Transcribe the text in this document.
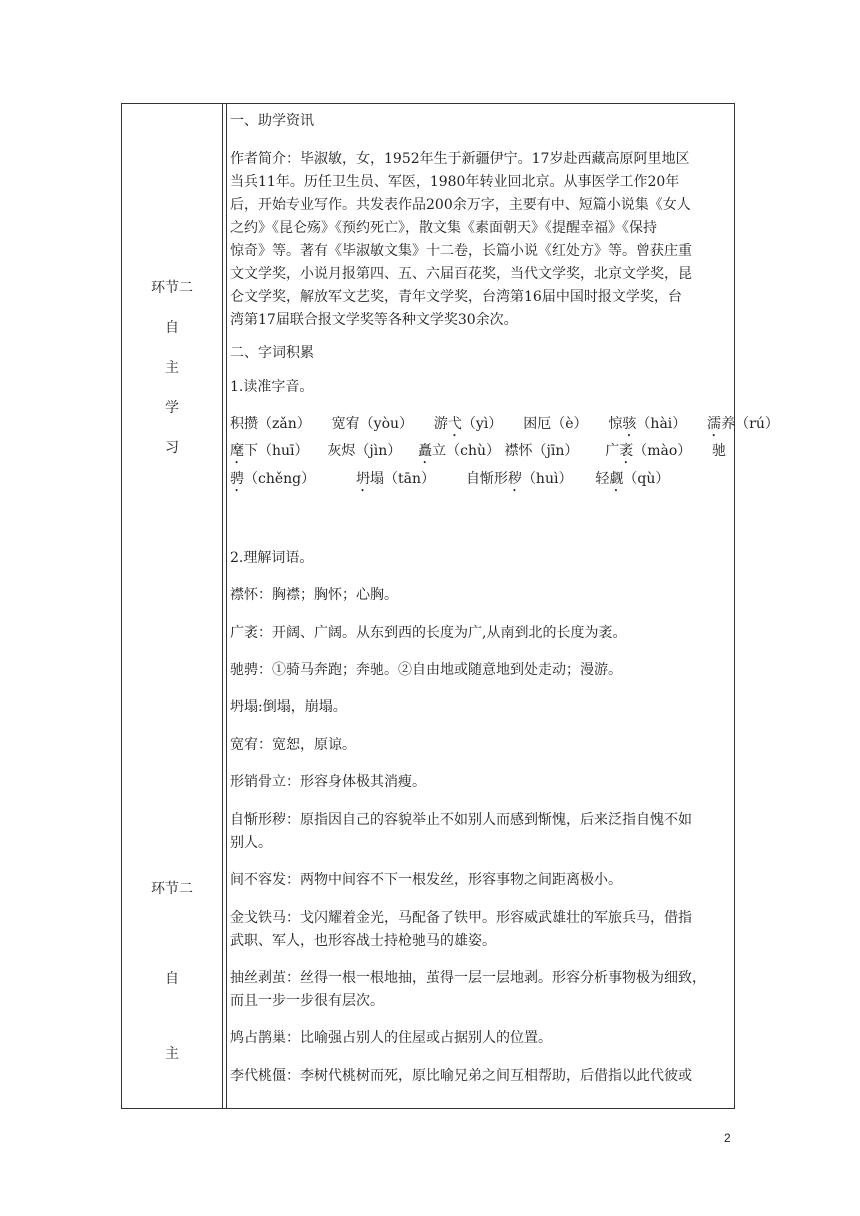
环节二
自
主
学
习
环节二
自
主
一、助学资讯
作者简介：毕淑敏，女，1952年生于新疆伊宁。17岁赴西藏高原阿里地区
当兵11年。历任卫生员、军医，1980年转业回北京。从事医学工作20年
后，开始专业写作。共发表作品200余万字，主要有中、短篇小说集《女人
之约》《昆仑殇》《预约死亡》，散文集《素面朝天》《提醒幸福》《保持
惊奇》等。著有《毕淑敏文集》十二卷，长篇小说《红处方》等。曾获庄重
文文学奖，小说月报第四、五、六届百花奖，当代文学奖，北京文学奖，昆
仑文学奖，解放军文艺奖，青年文学奖，台湾第16届中国时报文学奖，台
湾第17届联合报文学奖等各种文学奖30余次。
二、字词积累
1.读准字音。
积攒（zǎn） 宽宥（yòu） 游弋（yì） 困厄（è） 惊骇（hài） 濡养（rú）
麾下（huī） 灰烬（jìn） 矗立（chù） 襟怀（jīn） 广袤（mào） 驰
骋（chěng）	坍塌（tān） 自惭形秽（huì） 轻觑（qù）
2.理解词语。
襟怀：胸襟；胸怀；心胸。
广袤：开阔、广阔。从东到西的长度为广,从南到北的长度为袤。
驰骋：①骑马奔跑；奔驰。②自由地或随意地到处走动；漫游。
坍塌:倒塌，崩塌。
宽宥：宽恕，原谅。
形销骨立：形容身体极其消瘦。
自惭形秽：原指因自己的容貌举止不如别人而感到惭愧，后来泛指自愧不如
别人。
间不容发：两物中间容不下一根发丝，形容事物之间距离极小。
金戈铁马：戈闪耀着金光，马配备了铁甲。形容威武雄壮的军旅兵马，借指
武职、军人，也形容战士持枪驰马的雄姿。
抽丝剥茧：丝得一根一根地抽，茧得一层一层地剥。形容分析事物极为细致，
而且一步一步很有层次。
鸠占鹊巢：比喻强占别人的住屋或占据别人的位置。
李代桃僵：李树代桃树而死，原比喻兄弟之间互相帮助，后借指以此代彼或
2
